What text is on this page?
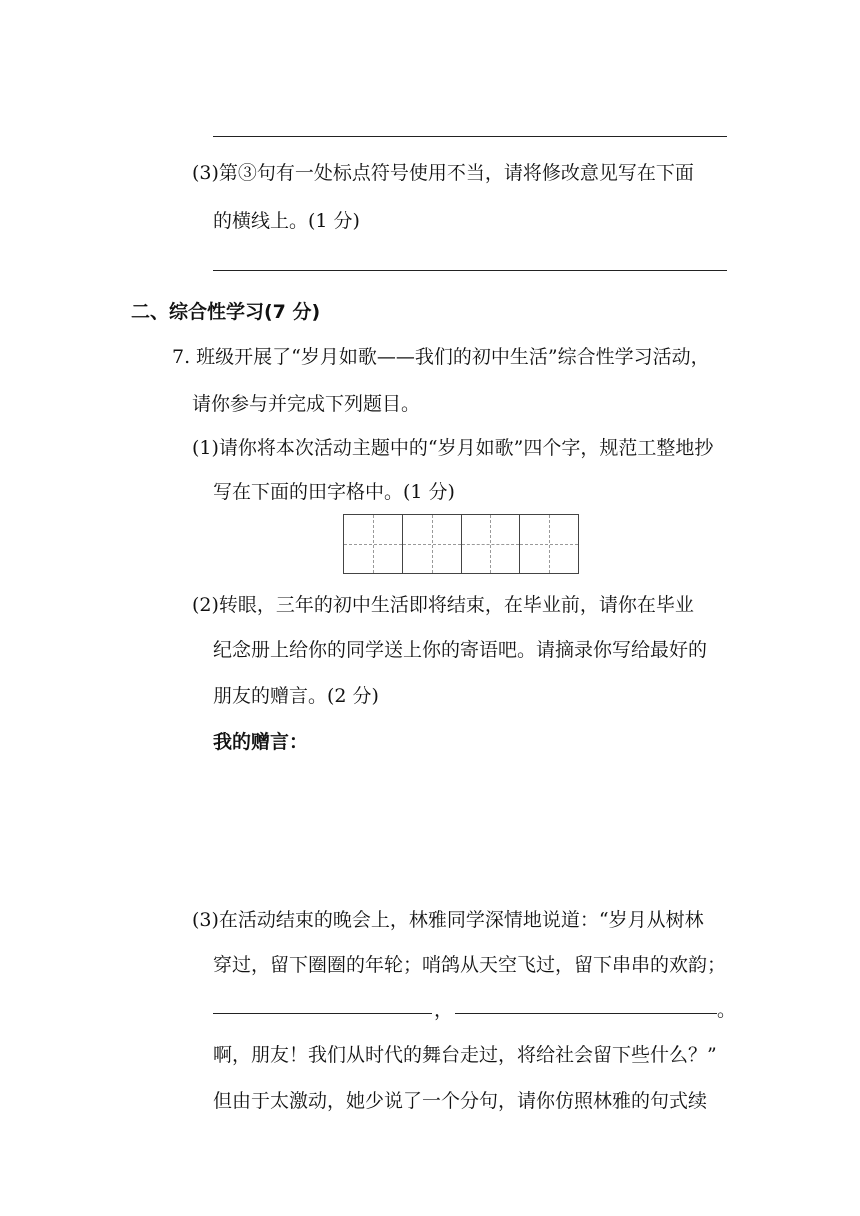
(3)第③句有一处标点符号使用不当，请将修改意见写在下面
的横线上。(1 分)
二、综合性学习(7 分)
7. 班级开展了“岁月如歌——我们的初中生活”综合性学习活动，
请你参与并完成下列题目。
(1)请你将本次活动主题中的“岁月如歌”四个字，规范工整地抄
写在下面的田字格中。(1 分)
(2)转眼，三年的初中生活即将结束，在毕业前，请你在毕业
纪念册上给你的同学送上你的寄语吧。请摘录你写给最好的
朋友的赠言。(2 分)
我的赠言：
(3)在活动结束的晚会上，林雅同学深情地说道：“岁月从树林
穿过，留下圈圈的年轮；哨鸽从天空飞过，留下串串的欢韵；
，	。
啊，朋友！我们从时代的舞台走过，将给社会留下些什么？”
但由于太激动，她少说了一个分句，请你仿照林雅的句式续
